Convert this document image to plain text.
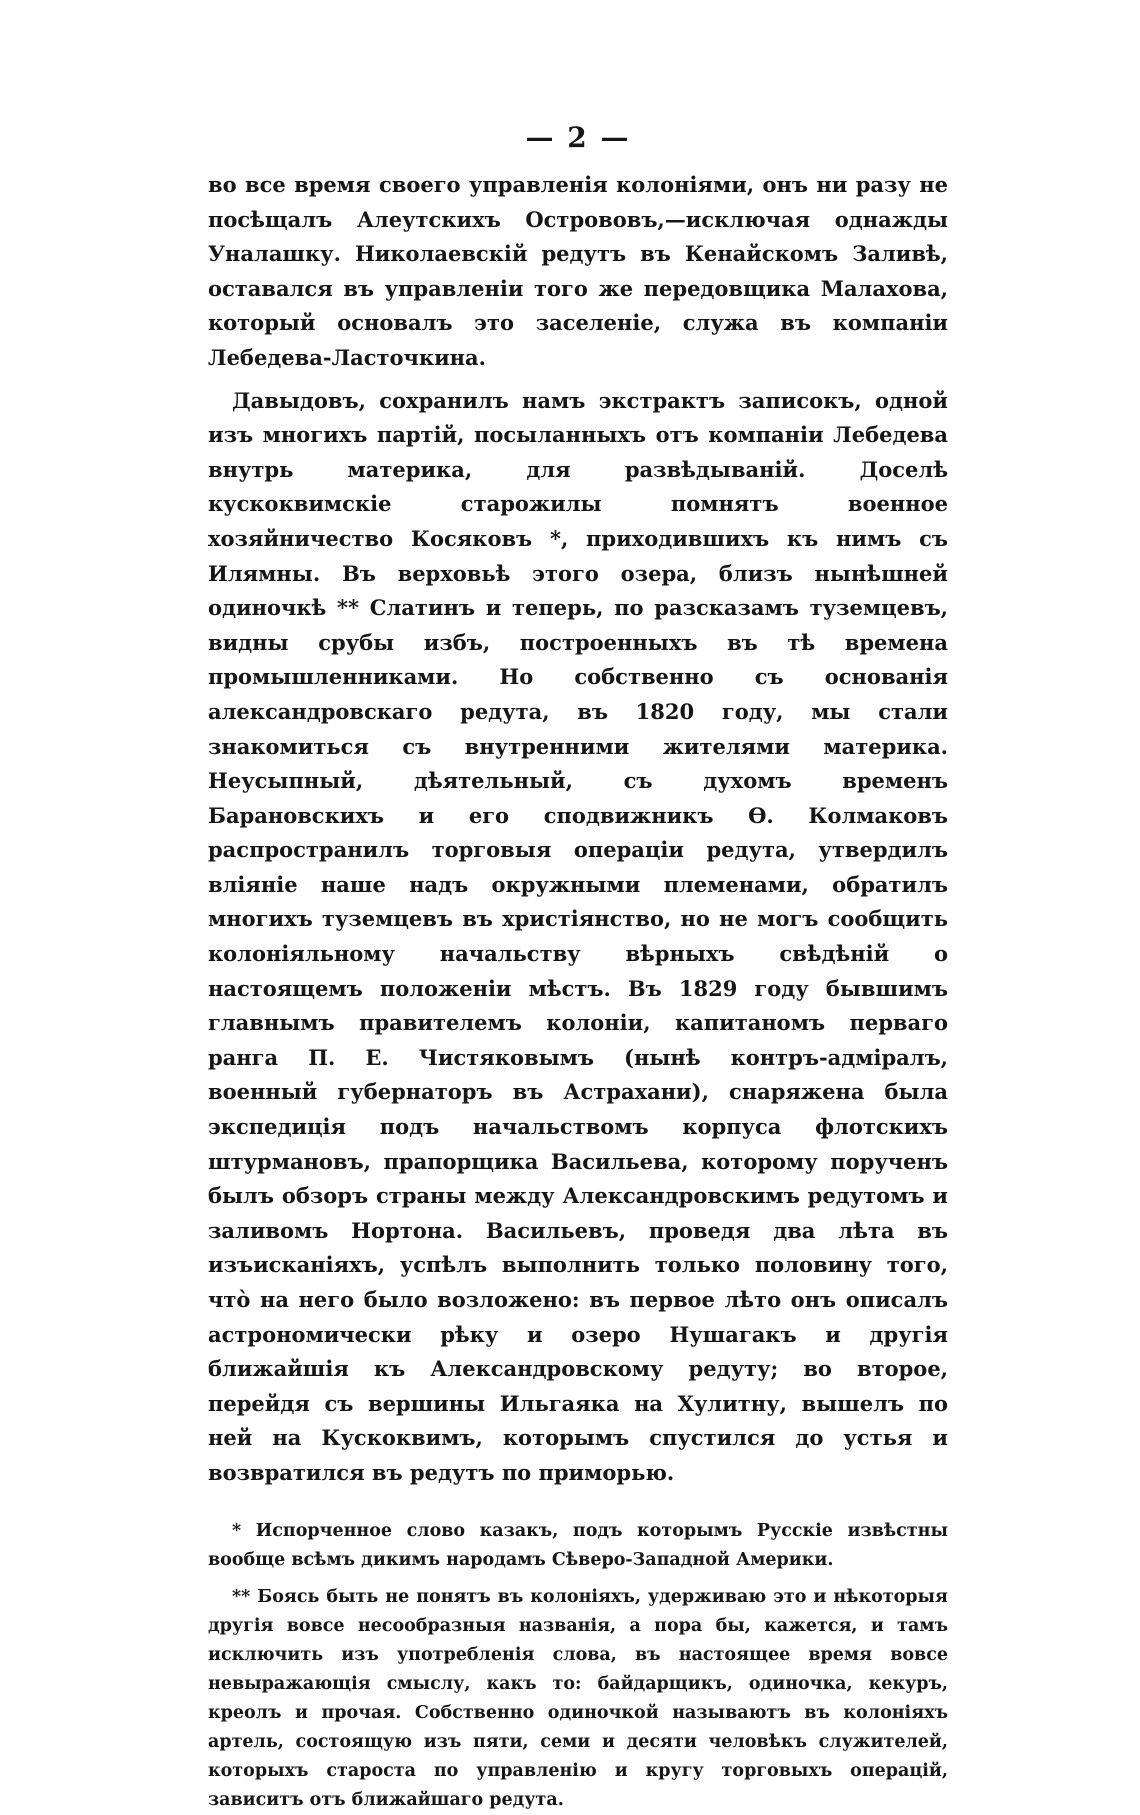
— 2 —

во все время своего управленія колоніями, онъ ни разу не посѣщалъ Алеутскихъ Острововъ,—исключая однажды Уналашку. Николаевскій редутъ въ Кенайскомъ Заливѣ, оставался въ управленіи того же передовщика Малахова, который основалъ это заселеніе, служа въ компаніи Лебедева-Ласточкина.

Давыдовъ, сохранилъ намъ экстрактъ записокъ, одной изъ многихъ партій, посыланныхъ отъ компаніи Лебедева внутрь материка, для развѣдываній. Доселѣ кускоквимскіе старожилы помнятъ военное хозяйничество Косяковъ *, приходившихъ къ нимъ съ Илямны. Въ верховьѣ этого озера, близъ нынѣшней одиночкѣ ** Слатинъ и теперь, по разсказамъ туземцевъ, видны срубы избъ, построенныхъ въ тѣ времена промышленниками. Но собственно съ основанія александровскаго редута, въ 1820 году, мы стали знакомиться съ внутренними жителями материка. Неусыпный, дѣятельный, съ духомъ временъ Барановскихъ и его сподвижникъ Ѳ. Колмаковъ распространилъ торговыя операціи редута, утвердилъ вліяніе наше надъ окружными племенами, обратилъ многихъ туземцевъ въ христіянство, но не могъ сообщить колоніяльному начальству вѣрныхъ свѣдѣній о настоящемъ положеніи мѣстъ. Въ 1829 году бывшимъ главнымъ правителемъ колоніи, капитаномъ перваго ранга П. Е. Чистяковымъ (нынѣ контръ-адміралъ, военный губернаторъ въ Астрахани), снаряжена была экспедиція подъ начальствомъ корпуса флотскихъ штурмановъ, прапорщика Васильева, которому порученъ былъ обзоръ страны между Александровскимъ редутомъ и заливомъ Нортона. Васильевъ, проведя два лѣта въ изъисканіяхъ, успѣлъ выполнить только половину того, что̀ на него было возложено: въ первое лѣто онъ описалъ астрономически рѣку и озеро Нушагакъ и другія ближайшія къ Александровскому редуту; во второе, перейдя съ вершины Ильгаяка на Хулитну, вышелъ по ней на Кускоквимъ, которымъ спустился до устья и возвратился въ редутъ по приморью.

* Испорченное слово казакъ, подъ которымъ Русскіе извѣстны вообще всѣмъ дикимъ народамъ Сѣверо-Западной Америки.

** Боясь быть не понятъ въ колоніяхъ, удерживаю это и нѣкоторыя другія вовсе несообразныя названія, а пора бы, кажется, и тамъ исключить изъ употребленія слова, въ настоящее время вовсе невыражающія смыслу, какъ то: байдарщикъ, одиночка, кекуръ, креолъ и прочая. Собственно одиночкой называютъ въ колоніяхъ артель, состоящую изъ пяти, семи и десяти человѣкъ служителей, которыхъ староста по управленію и кругу торговыхъ операцій, зависитъ отъ ближайшаго редута.
